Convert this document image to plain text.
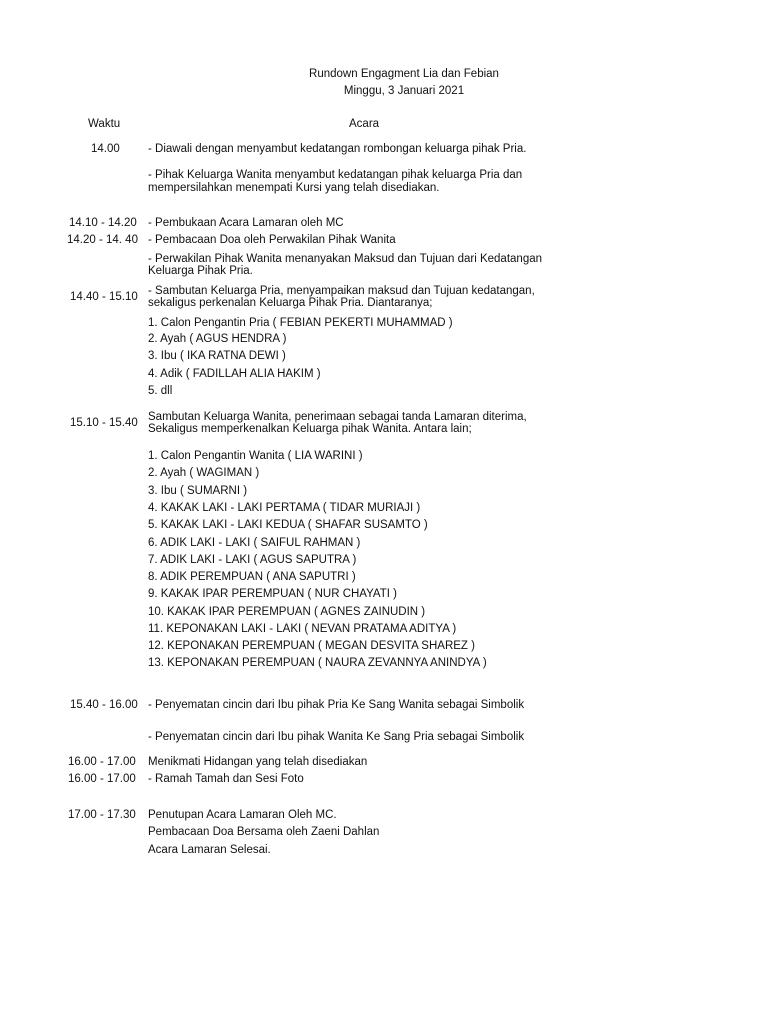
Rundown Engagment Lia dan Febian
Minggu, 3 Januari 2021
Waktu	Acara
14.00 - Diawali dengan menyambut kedatangan rombongan keluarga pihak Pria.
- Pihak Keluarga Wanita menyambut kedatangan pihak keluarga Pria dan
mempersilahkan menempati Kursi yang telah disediakan.
14.10 - 14.20 - Pembukaan Acara Lamaran oleh MC
14.20 - 14. 40 - Pembacaan Doa oleh Perwakilan Pihak Wanita
- Perwakilan Pihak Wanita menanyakan Maksud dan Tujuan dari Kedatangan
Keluarga Pihak Pria.
14.40 - 15.10 - Sambutan Keluarga Pria, menyampaikan maksud dan Tujuan kedatangan,
sekaligus perkenalan Keluarga Pihak Pria. Diantaranya;
1. Calon Pengantin Pria ( FEBIAN PEKERTI MUHAMMAD )
2. Ayah ( AGUS HENDRA )
3. Ibu ( IKA RATNA DEWI )
4. Adik ( FADILLAH ALIA HAKIM )
5. dll
15.10 - 15.40 Sambutan Keluarga Wanita, penerimaan sebagai tanda Lamaran diterima,
Sekaligus memperkenalkan Keluarga pihak Wanita. Antara lain;
1. Calon Pengantin Wanita ( LIA WARINI )
2. Ayah ( WAGIMAN )
3. Ibu ( SUMARNI )
4. KAKAK LAKI - LAKI PERTAMA ( TIDAR MURIAJI )
5. KAKAK LAKI - LAKI KEDUA ( SHAFAR SUSAMTO )
6. ADIK LAKI - LAKI ( SAIFUL RAHMAN )
7. ADIK LAKI - LAKI ( AGUS SAPUTRA )
8. ADIK PEREMPUAN ( ANA SAPUTRI )
9. KAKAK IPAR PEREMPUAN ( NUR CHAYATI )
10. KAKAK IPAR PEREMPUAN ( AGNES ZAINUDIN )
11. KEPONAKAN LAKI - LAKI ( NEVAN PRATAMA ADITYA )
12. KEPONAKAN PEREMPUAN ( MEGAN DESVITA SHAREZ )
13. KEPONAKAN PEREMPUAN ( NAURA ZEVANNYA ANINDYA )
15.40 - 16.00 - Penyematan cincin dari Ibu pihak Pria Ke Sang Wanita sebagai Simbolik
- Penyematan cincin dari Ibu pihak Wanita Ke Sang Pria sebagai Simbolik
16.00 - 17.00 Menikmati Hidangan yang telah disediakan
16.00 - 17.00 - Ramah Tamah dan Sesi Foto
17.00 - 17.30 Penutupan Acara Lamaran Oleh MC.
Pembacaan Doa Bersama oleh Zaeni Dahlan
Acara Lamaran Selesai.
